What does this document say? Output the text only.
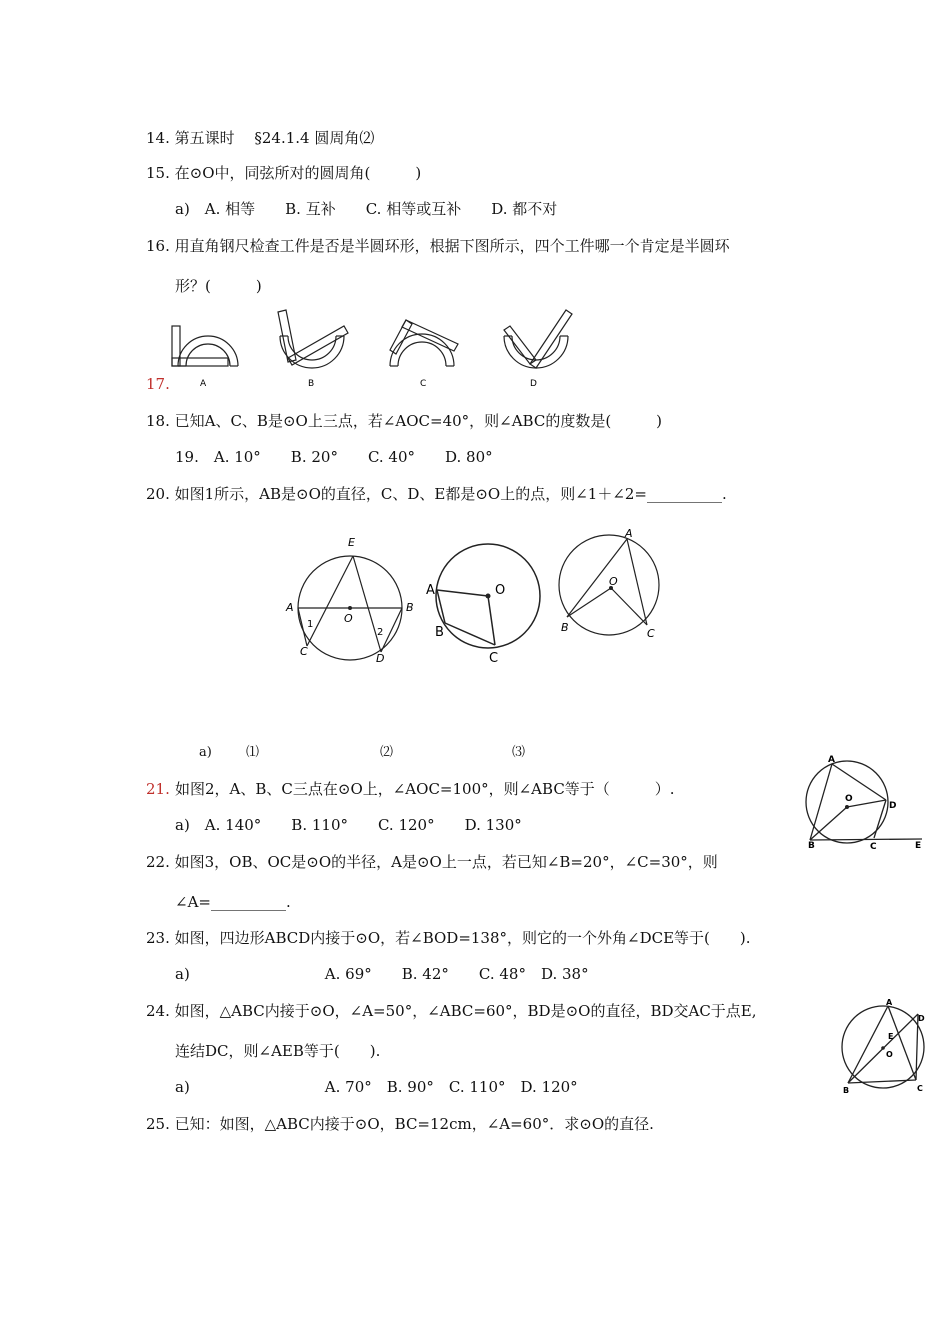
14. 第五课时　 §24.1.4 圆周角⑵
15. 在⊙O中，同弦所对的圆周角(　　　)
a)　A. 相等　　B. 互补　　C. 相等或互补　　D. 都不对
16. 用直角钢尺检查工件是否是半圆环形，根据下图所示，四个工件哪一个肯定是半圆环
形？(　　　)
A	B	C	D
17.
18. 已知A、C、B是⊙O上三点，若∠AOC=40°，则∠ABC的度数是(　　　)
19.　A. 10°　　B. 20°　　C. 40°　　D. 80°
20. 如图1所示，AB是⊙O的直径，C、D、E都是⊙O上的点，则∠1＋∠2=__________.
E
A	B
O
C
D
1
2
A	O
B
C
A
O
B	C
a)	⑴	⑵	⑶
21. 如图2，A、B、C三点在⊙O上，∠AOC=100°，则∠ABC等于（　　　）.
a)　A. 140°　　B. 110°　　C. 120°　　D. 130°
A
O
D
B	C	E
22. 如图3，OB、OC是⊙O的半径，A是⊙O上一点，若已知∠B=20°，∠C=30°，则
∠A=__________.
23. 如图，四边形ABCD内接于⊙O，若∠BOD=138°，则它的一个外角∠DCE等于(　　).
a)　　　　　　　　　A. 69°　　B. 42°　　C. 48°　D. 38°
24. 如图，△ABC内接于⊙O，∠A=50°，∠ABC=60°，BD是⊙O的直径，BD交AC于点E,
连结DC，则∠AEB等于(　　).
a)　　　　　　　　　A. 70°　B. 90°　C. 110°　D. 120°
A
D
E
O
B	C
25. 已知：如图，△ABC内接于⊙O，BC=12cm，∠A=60°．求⊙O的直径.
